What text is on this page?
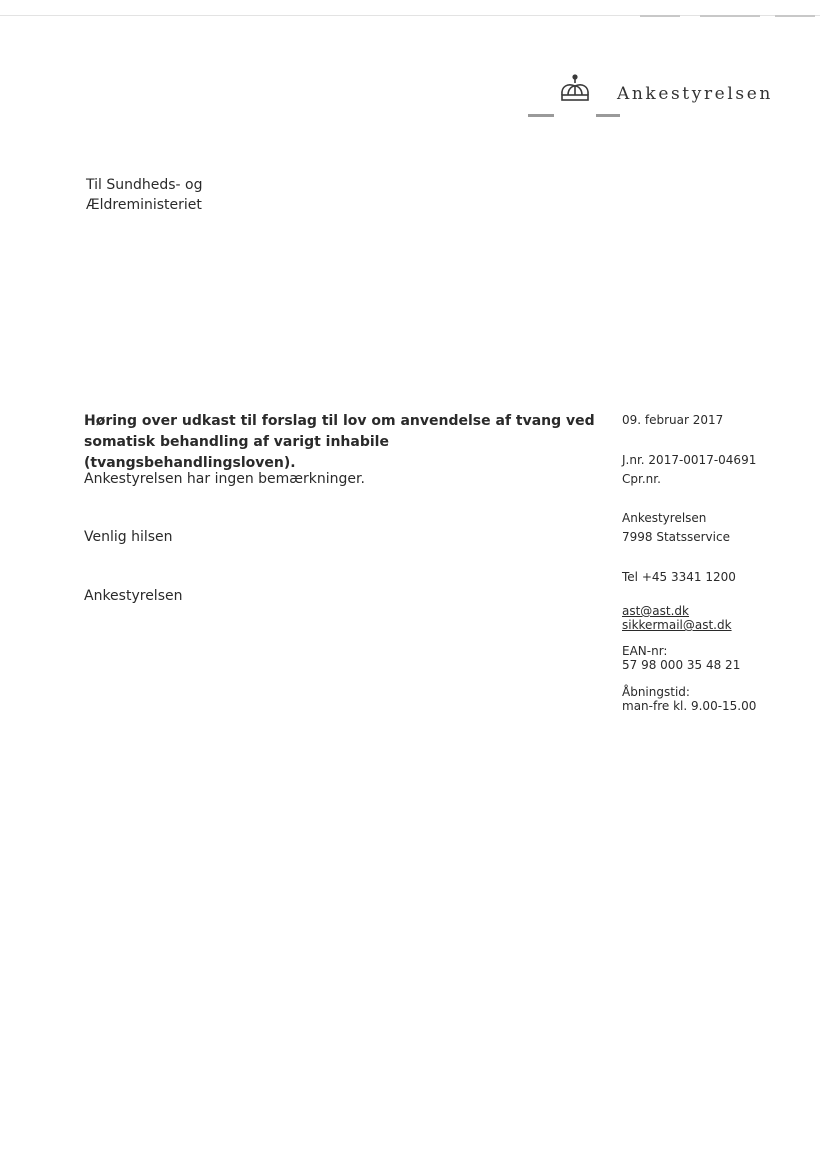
Ankestyrelsen
Til Sundheds- og
Ældreministeriet
Høring over udkast til forslag til lov om anvendelse af tvang ved somatisk behandling af varigt inhabile (tvangsbehandlingsloven).
Ankestyrelsen har ingen bemærkninger.
Venlig hilsen
Ankestyrelsen
09. februar 2017
J.nr. 2017-0017-04691
Cpr.nr.
Ankestyrelsen
7998 Statsservice
Tel +45 3341 1200
ast@ast.dk
sikkermail@ast.dk
EAN-nr:
57 98 000 35 48 21
Åbningstid:
man-fre kl. 9.00-15.00
